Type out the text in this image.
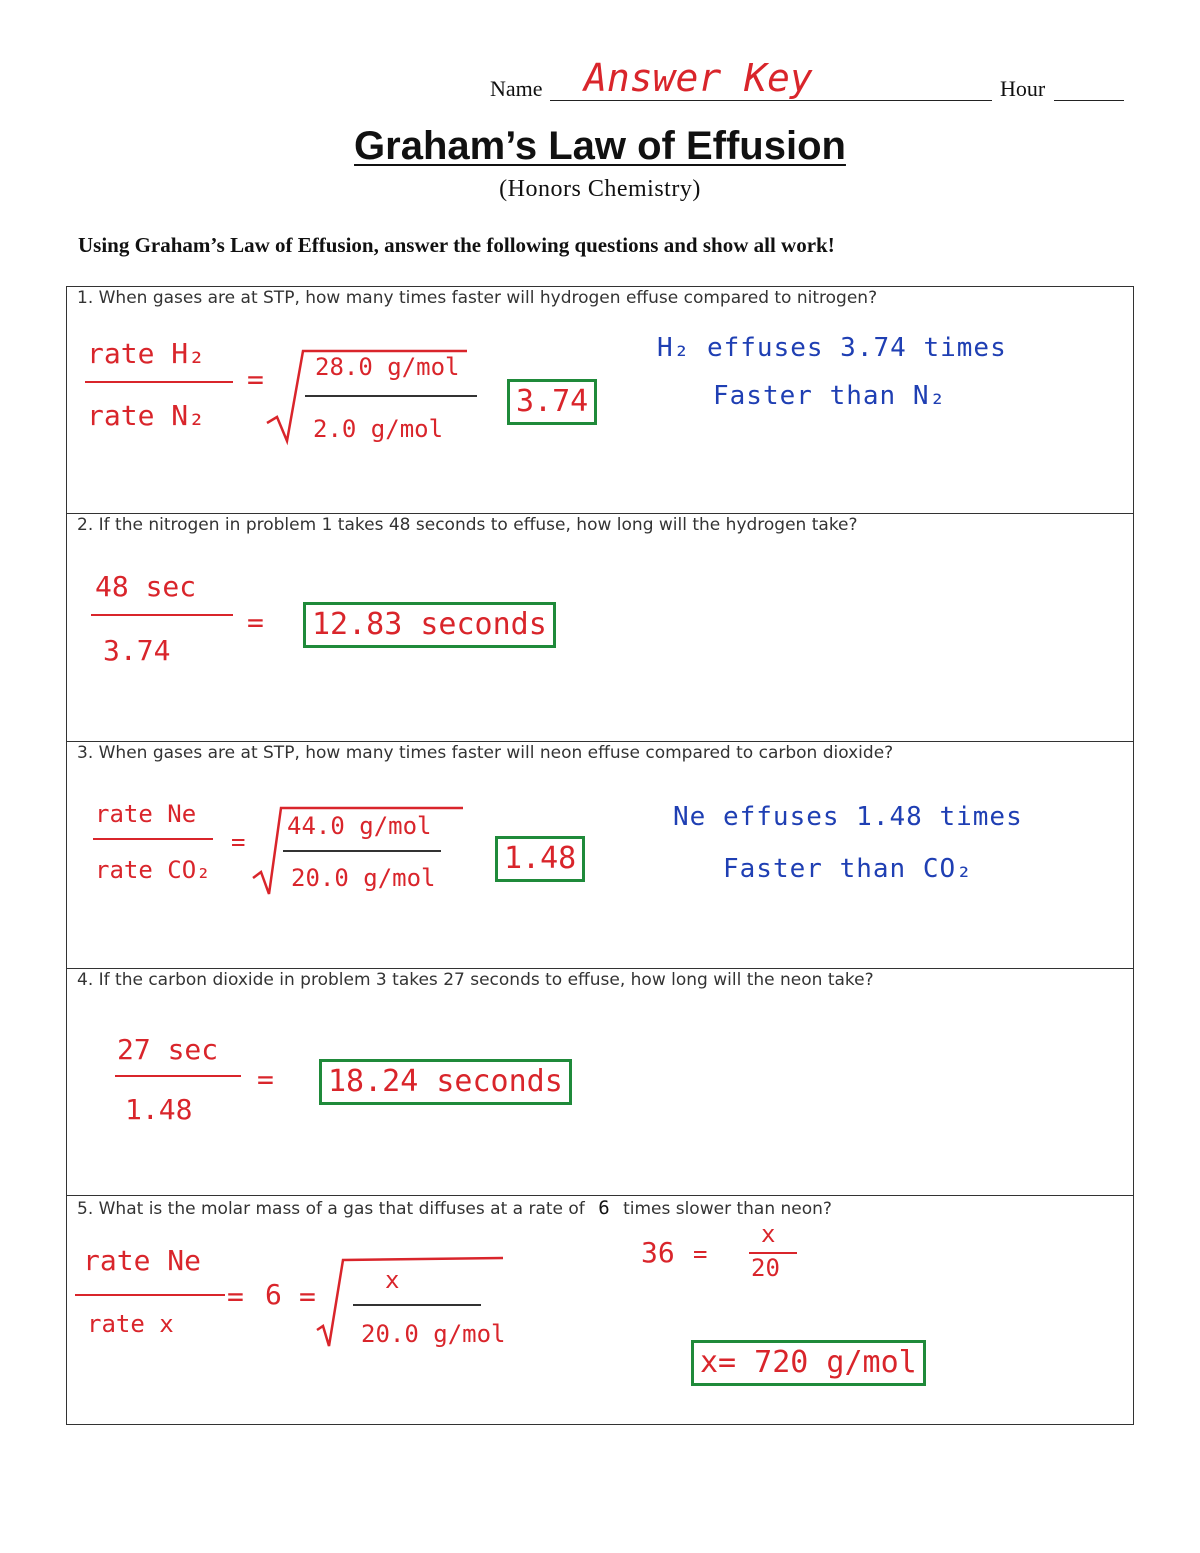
Name Answer Key	Hour
Graham’s Law of Effusion
(Honors Chemistry)
Using Graham’s Law of Effusion, answer the following questions and show all work!
1. When gases are at STP, how many times faster will hydrogen effuse compared to nitrogen?
rate H₂
rate N₂
= 28.0 g/mol
2.0 g/mol
3.74
H₂ effuses 3.74 times
Faster than N₂
2. If the nitrogen in problem 1 takes 48 seconds to effuse, how long will the hydrogen take?
48 sec
3.74
=	12.83 seconds
3. When gases are at STP, how many times faster will neon effuse compared to carbon dioxide?
rate Ne
rate CO₂
=
44.0 g/mol
20.0 g/mol
1.48
Ne effuses 1.48 times
Faster than CO₂
4. If the carbon dioxide in problem 3 takes 27 seconds to effuse, how long will the neon take?
27 sec
1.48
=	18.24 seconds
5. What is the molar mass of a gas that diffuses at a rate of 6 times slower than neon?
rate Ne
rate x
= 6 =	x
20.0 g/mol
36 =
x
20
x= 720 g/mol
